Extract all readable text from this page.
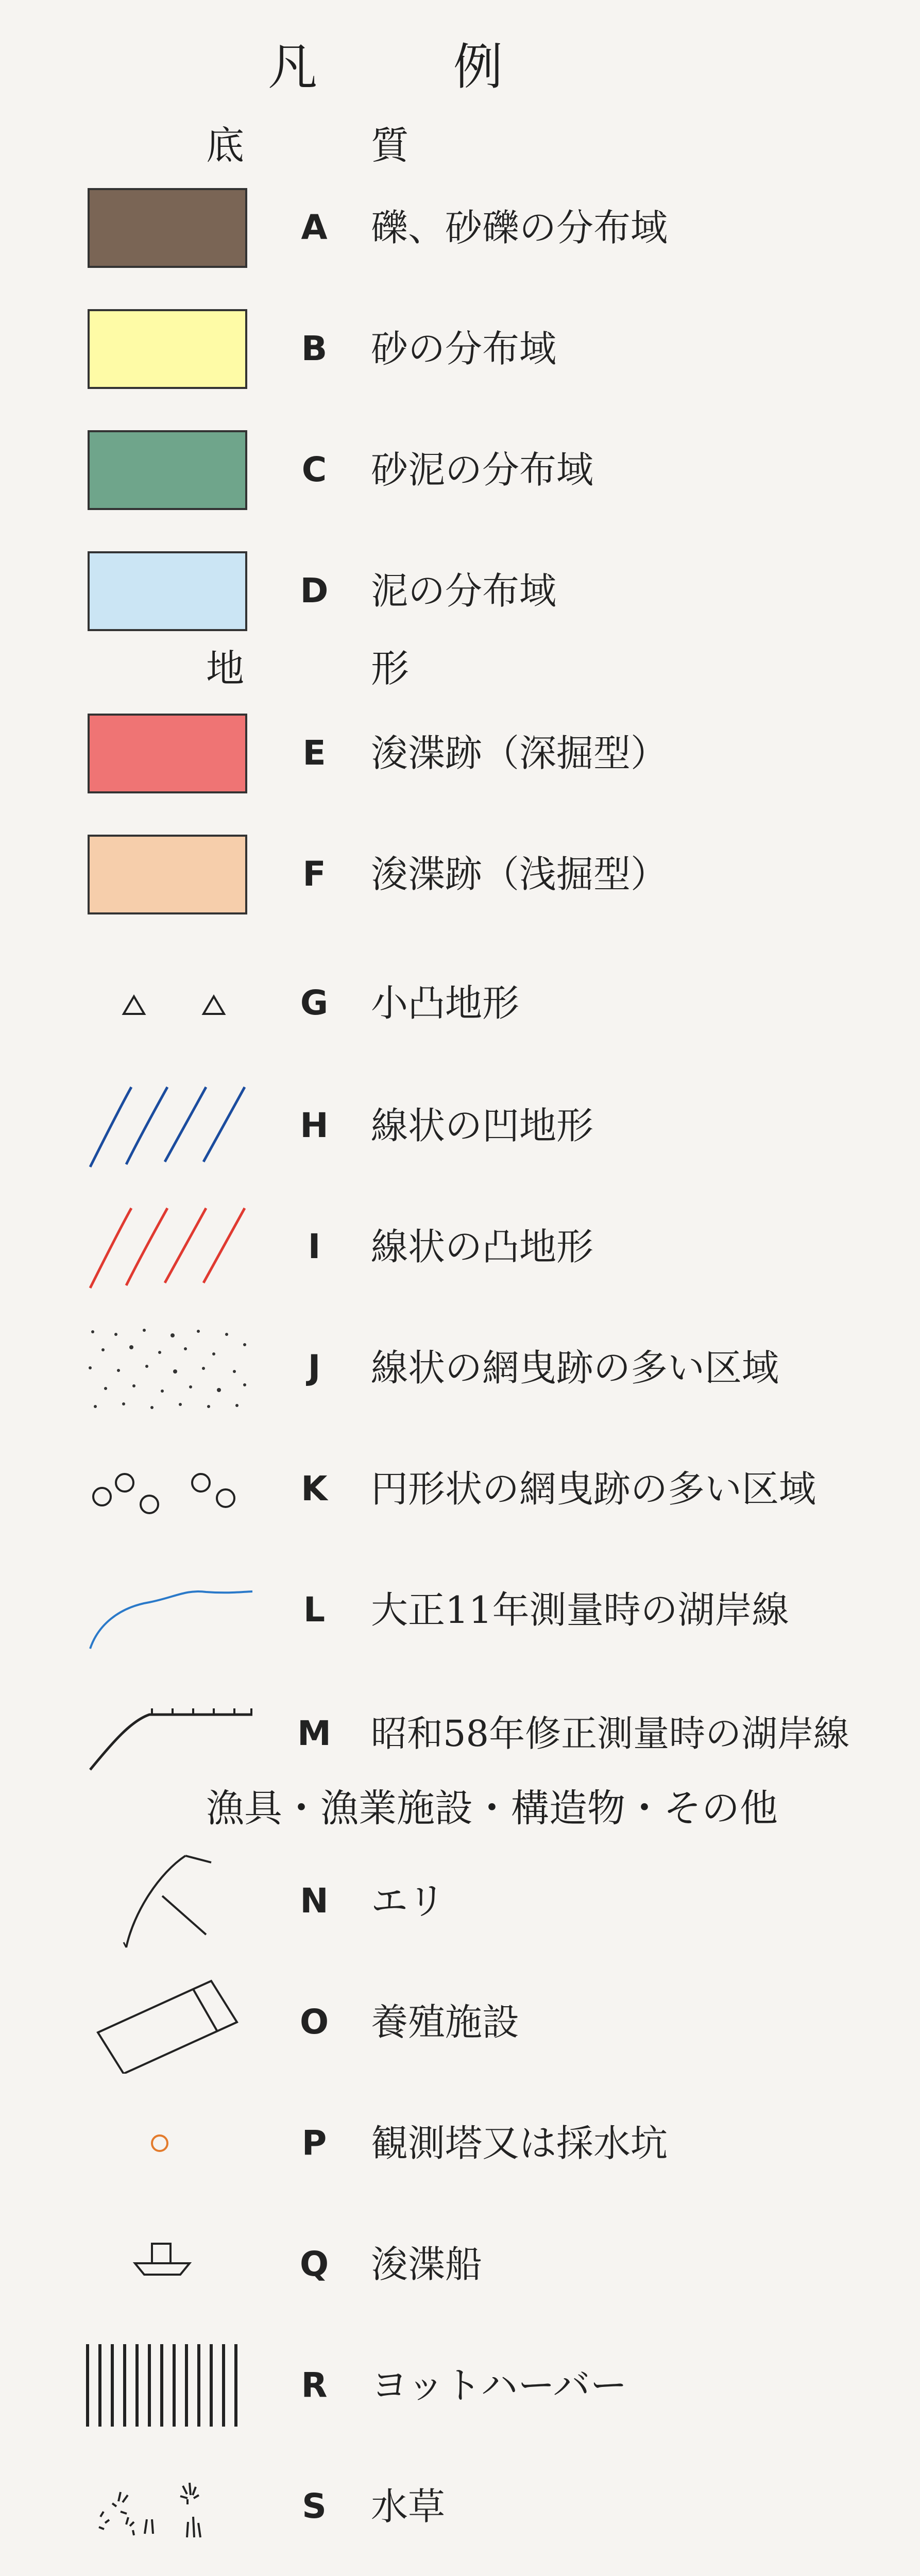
凡	例
底	質
A 礫、砂礫の分布域
B 砂の分布域
C 砂泥の分布域
D 泥の分布域
地	形
E 浚渫跡（深掘型）
F 浚渫跡（浅掘型）
G 小凸地形
H 線状の凹地形
I	線状の凸地形
J	線状の網曳跡の多い区域
K 円形状の網曳跡の多い区域
L 大正11年測量時の湖岸線
M 昭和58年修正測量時の湖岸線
漁具・漁業施設・構造物・その他
N エリ
O 養殖施設
P 観測塔又は採水坑
Q 浚渫船
R ヨットハーバー
S 水草
